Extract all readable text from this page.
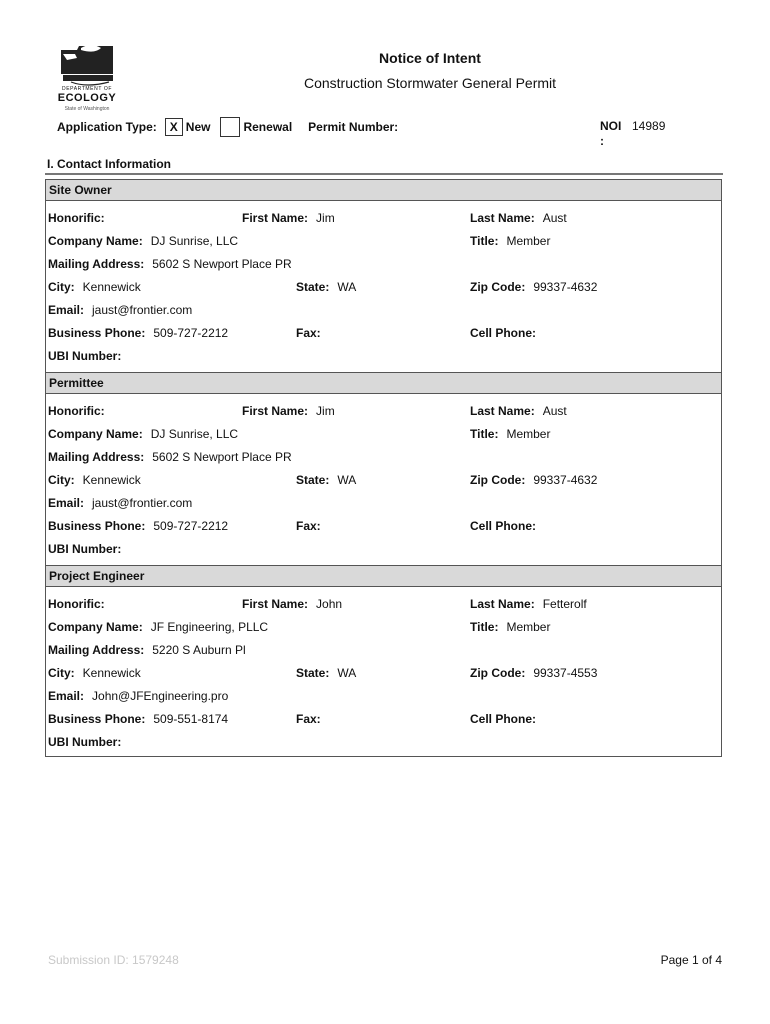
DEPARTMENT OF
ECOLOGY
State of Washington
Notice of Intent
Construction Stormwater General Permit
Application Type:	X New	Renewal Permit Number:	NOI
:
14989
I. Contact Information
Site Owner
Honorific:	First Name: Jim	Last Name: Aust
Company Name: DJ Sunrise, LLC	Title: Member
Mailing Address: 5602 S Newport Place PR
City: Kennewick	State: WA	Zip Code: 99337-4632
Email: jaust@frontier.com
Business Phone: 509-727-2212	Fax:	Cell Phone:
UBI Number:
Permittee
Honorific:	First Name: Jim	Last Name: Aust
Company Name: DJ Sunrise, LLC	Title: Member
Mailing Address: 5602 S Newport Place PR
City: Kennewick	State: WA	Zip Code: 99337-4632
Email: jaust@frontier.com
Business Phone: 509-727-2212	Fax:	Cell Phone:
UBI Number:
Project Engineer
Honorific:	First Name: John	Last Name: Fetterolf
Company Name: JF Engineering, PLLC	Title: Member
Mailing Address: 5220 S Auburn Pl
City: Kennewick	State: WA	Zip Code: 99337-4553
Email: John@JFEngineering.pro
Business Phone: 509-551-8174	Fax:	Cell Phone:
UBI Number:
Submission ID: 1579248	Page 1 of 4
